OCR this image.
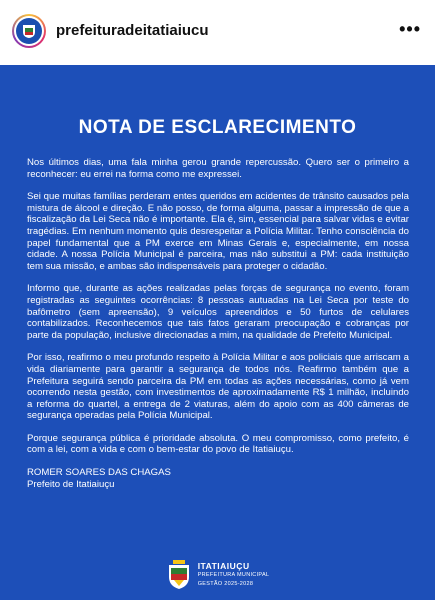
prefeituradeitatiaiucu	•••
NOTA DE ESCLARECIMENTO

Nos últimos dias, uma fala minha gerou grande repercussão. Quero ser o primeiro a reconhecer: eu errei na forma como me expressei.

Sei que muitas famílias perderam entes queridos em acidentes de trânsito causados pela mistura de álcool e direção. E não posso, de forma alguma, passar a impressão de que a fiscalização da Lei Seca não é importante. Ela é, sim, essencial para salvar vidas e evitar tragédias. Em nenhum momento quis desrespeitar a Polícia Militar. Tenho consciência do papel fundamental que a PM exerce em Minas Gerais e, especialmente, em nossa cidade. A nossa Polícia Municipal é parceira, mas não substitui a PM: cada instituição tem sua missão, e ambas são indispensáveis para proteger o cidadão.

Informo que, durante as ações realizadas pelas forças de segurança no evento, foram registradas as seguintes ocorrências: 8 pessoas autuadas na Lei Seca por teste do bafômetro (sem apreensão), 9 veículos apreendidos e 50 furtos de celulares contabilizados. Reconhecemos que tais fatos geraram preocupação e cobranças por parte da população, inclusive direcionadas a mim, na qualidade de Prefeito Municipal.

Por isso, reafirmo o meu profundo respeito à Polícia Militar e aos policiais que arriscam a vida diariamente para garantir a segurança de todos nós. Reafirmo também que a Prefeitura seguirá sendo parceira da PM em todas as ações necessárias, como já vem ocorrendo nesta gestão, com investimentos de aproximadamente R$ 1 milhão, incluindo a reforma do quartel, a entrega de 2 viaturas, além do apoio com as 400 câmeras de segurança operadas pela Polícia Municipal.

Porque segurança pública é prioridade absoluta. O meu compromisso, como prefeito, é com a lei, com a vida e com o bem-estar do povo de Itatiaiuçu.

ROMER SOARES DAS CHAGAS
Prefeito de Itatiaiuçu
ITATIAIUÇU
PREFEITURA MUNICIPAL
GESTÃO 2025-2028
